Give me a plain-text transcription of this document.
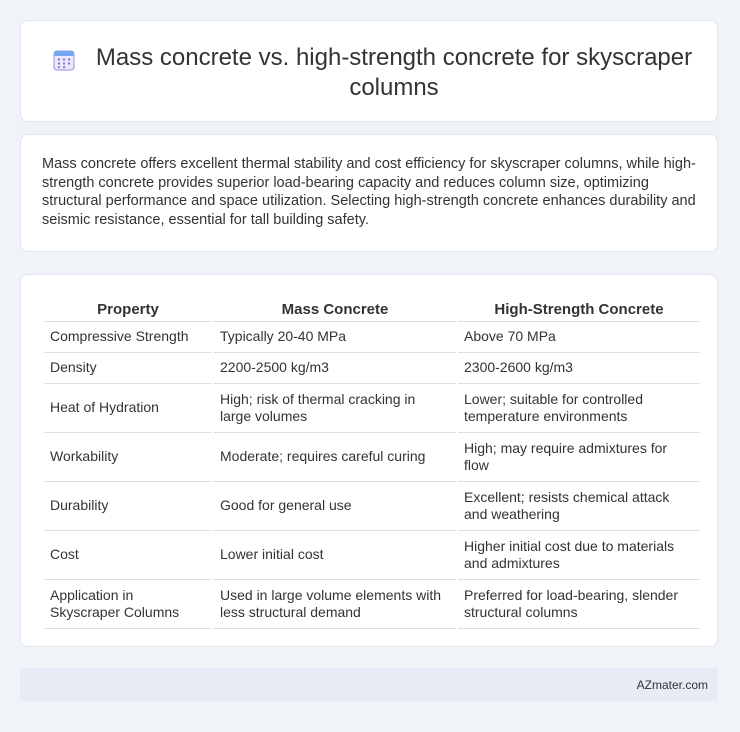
Mass concrete vs. high-strength concrete for skyscraper columns
Mass concrete offers excellent thermal stability and cost efficiency for skyscraper columns, while high-strength concrete provides superior load-bearing capacity and reduces column size, optimizing structural performance and space utilization. Selecting high-strength concrete enhances durability and seismic resistance, essential for tall building safety.
Property	Mass Concrete	High-Strength Concrete
Compressive Strength	Typically 20-40 MPa	Above 70 MPa
Density	2200-2500 kg/m3	2300-2600 kg/m3
Heat of Hydration	High; risk of thermal cracking in large volumes	Lower; suitable for controlled temperature environments
Workability	Moderate; requires careful curing	High; may require admixtures for flow
Durability	Good for general use	Excellent; resists chemical attack and weathering
Cost	Lower initial cost	Higher initial cost due to materials and admixtures
Application in Skyscraper Columns	Used in large volume elements with less structural demand	Preferred for load-bearing, slender structural columns
AZmater.com
